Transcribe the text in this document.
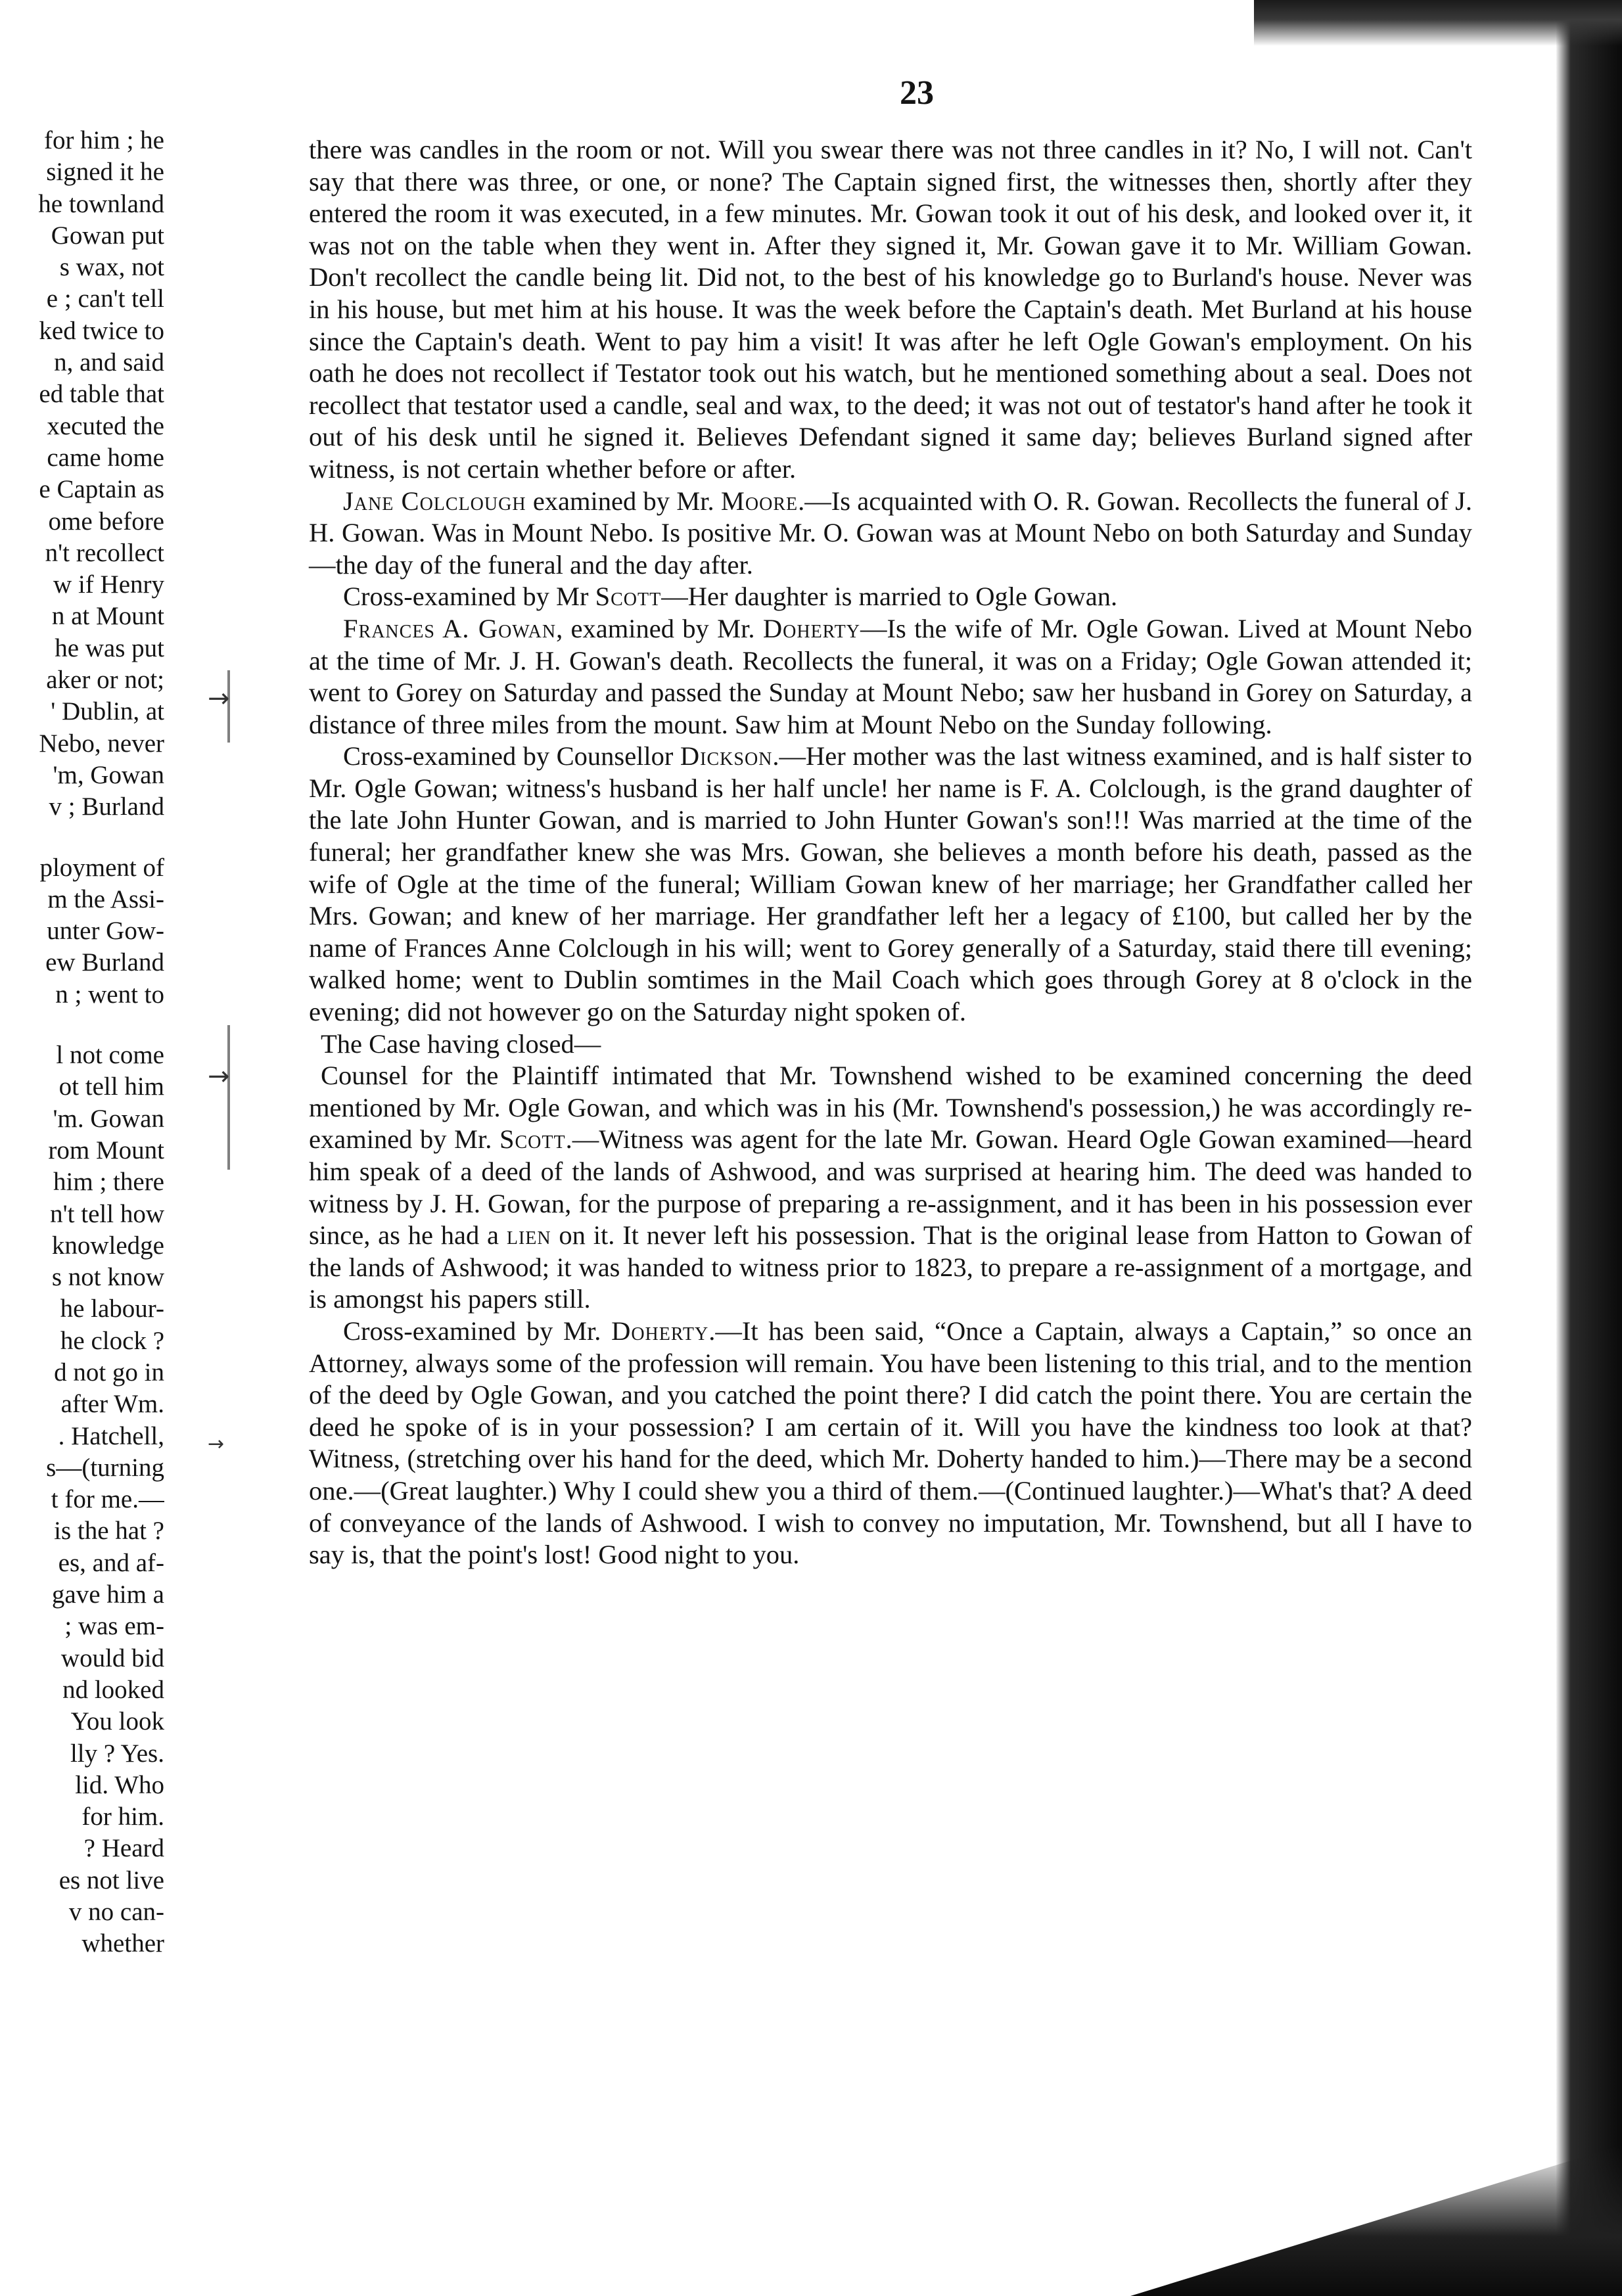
→
→
→
23
for him ; he
signed it he
he townland
Gowan put
s wax, not
e ; can't tell
ked twice to
n, and said
ed table that
xecuted the
came home
e Captain as
ome before
n't recollect
w if Henry
n at Mount
he was put
aker or not;
' Dublin, at
Nebo, never
'm, Gowan
v ; Burland
ployment of
m the Assi-
unter Gow-
ew Burland
n ; went to
l not come
ot tell him
'm. Gowan
rom Mount
him ; there
n't tell how
knowledge
s not know
he labour-
he clock ?
d not go in
after Wm.
. Hatchell,
s—(turning
t for me.—
is the hat ?
es, and af-
gave him a
; was em-
would bid
nd looked
You look
lly ? Yes.
lid. Who
for him.
? Heard
es not live
v no can-
whether

there was candles in the room or not. Will you swear there was not three candles in it? No, I will not. Can't say that there was three, or one, or none? The Captain signed first, the witnesses then, shortly after they entered the room it was executed, in a few minutes. Mr. Gowan took it out of his desk, and looked over it, it was not on the table when they went in. After they signed it, Mr. Gowan gave it to Mr. William Gowan. Don't recollect the candle being lit. Did not, to the best of his knowledge go to Burland's house. Never was in his house, but met him at his house. It was the week before the Captain's death. Met Burland at his house since the Captain's death. Went to pay him a visit! It was after he left Ogle Gowan's employment. On his oath he does not recollect if Testator took out his watch, but he mentioned something about a seal. Does not recollect that testator used a candle, seal and wax, to the deed; it was not out of testator's hand after he took it out of his desk until he signed it. Believes Defendant signed it same day; believes Burland signed after witness, is not certain whether before or after.

Jane Colclough examined by Mr. Moore.—Is acquainted with O. R. Gowan. Recollects the funeral of J. H. Gowan. Was in Mount Nebo. Is positive Mr. O. Gowan was at Mount Nebo on both Saturday and Sunday—the day of the funeral and the day after.

Cross-examined by Mr Scott—Her daughter is married to Ogle Gowan.

Frances A. Gowan, examined by Mr. Doherty—Is the wife of Mr. Ogle Gowan. Lived at Mount Nebo at the time of Mr. J. H. Gowan's death. Recollects the funeral, it was on a Friday; Ogle Gowan attended it; went to Gorey on Saturday and passed the Sunday at Mount Nebo; saw her husband in Gorey on Saturday, a distance of three miles from the mount. Saw him at Mount Nebo on the Sunday following.

Cross-examined by Counsellor Dickson.—Her mother was the last witness examined, and is half sister to Mr. Ogle Gowan; witness's husband is her half uncle! her name is F. A. Colclough, is the grand daughter of the late John Hunter Gowan, and is married to John Hunter Gowan's son!!! Was married at the time of the funeral; her grandfather knew she was Mrs. Gowan, she believes a month before his death, passed as the wife of Ogle at the time of the funeral; William Gowan knew of her marriage; her Grandfather called her Mrs. Gowan; and knew of her marriage. Her grandfather left her a legacy of £100, but called her by the name of Frances Anne Colclough in his will; went to Gorey generally of a Saturday, staid there till evening; walked home; went to Dublin somtimes in the Mail Coach which goes through Gorey at 8 o'clock in the evening; did not however go on the Saturday night spoken of.

The Case having closed—

Counsel for the Plaintiff intimated that Mr. Townshend wished to be examined concerning the deed mentioned by Mr. Ogle Gowan, and which was in his (Mr. Townshend's possession,) he was accordingly re-examined by Mr. Scott.—Witness was agent for the late Mr. Gowan. Heard Ogle Gowan examined—heard him speak of a deed of the lands of Ashwood, and was surprised at hearing him. The deed was handed to witness by J. H. Gowan, for the purpose of preparing a re-assignment, and it has been in his possession ever since, as he had a lien on it. It never left his possession. That is the original lease from Hatton to Gowan of the lands of Ashwood; it was handed to witness prior to 1823, to prepare a re-assignment of a mortgage, and is amongst his papers still.

Cross-examined by Mr. Doherty.—It has been said, “Once a Captain, always a Captain,” so once an Attorney, always some of the profession will remain. You have been listening to this trial, and to the mention of the deed by Ogle Gowan, and you catched the point there? I did catch the point there. You are certain the deed he spoke of is in your possession? I am certain of it. Will you have the kindness too look at that? Witness, (stretching over his hand for the deed, which Mr. Doherty handed to him.)—There may be a second one.—(Great laughter.) Why I could shew you a third of them.—(Continued laughter.)—What's that? A deed of conveyance of the lands of Ashwood. I wish to convey no imputation, Mr. Townshend, but all I have to say is, that the point's lost! Good night to you.
